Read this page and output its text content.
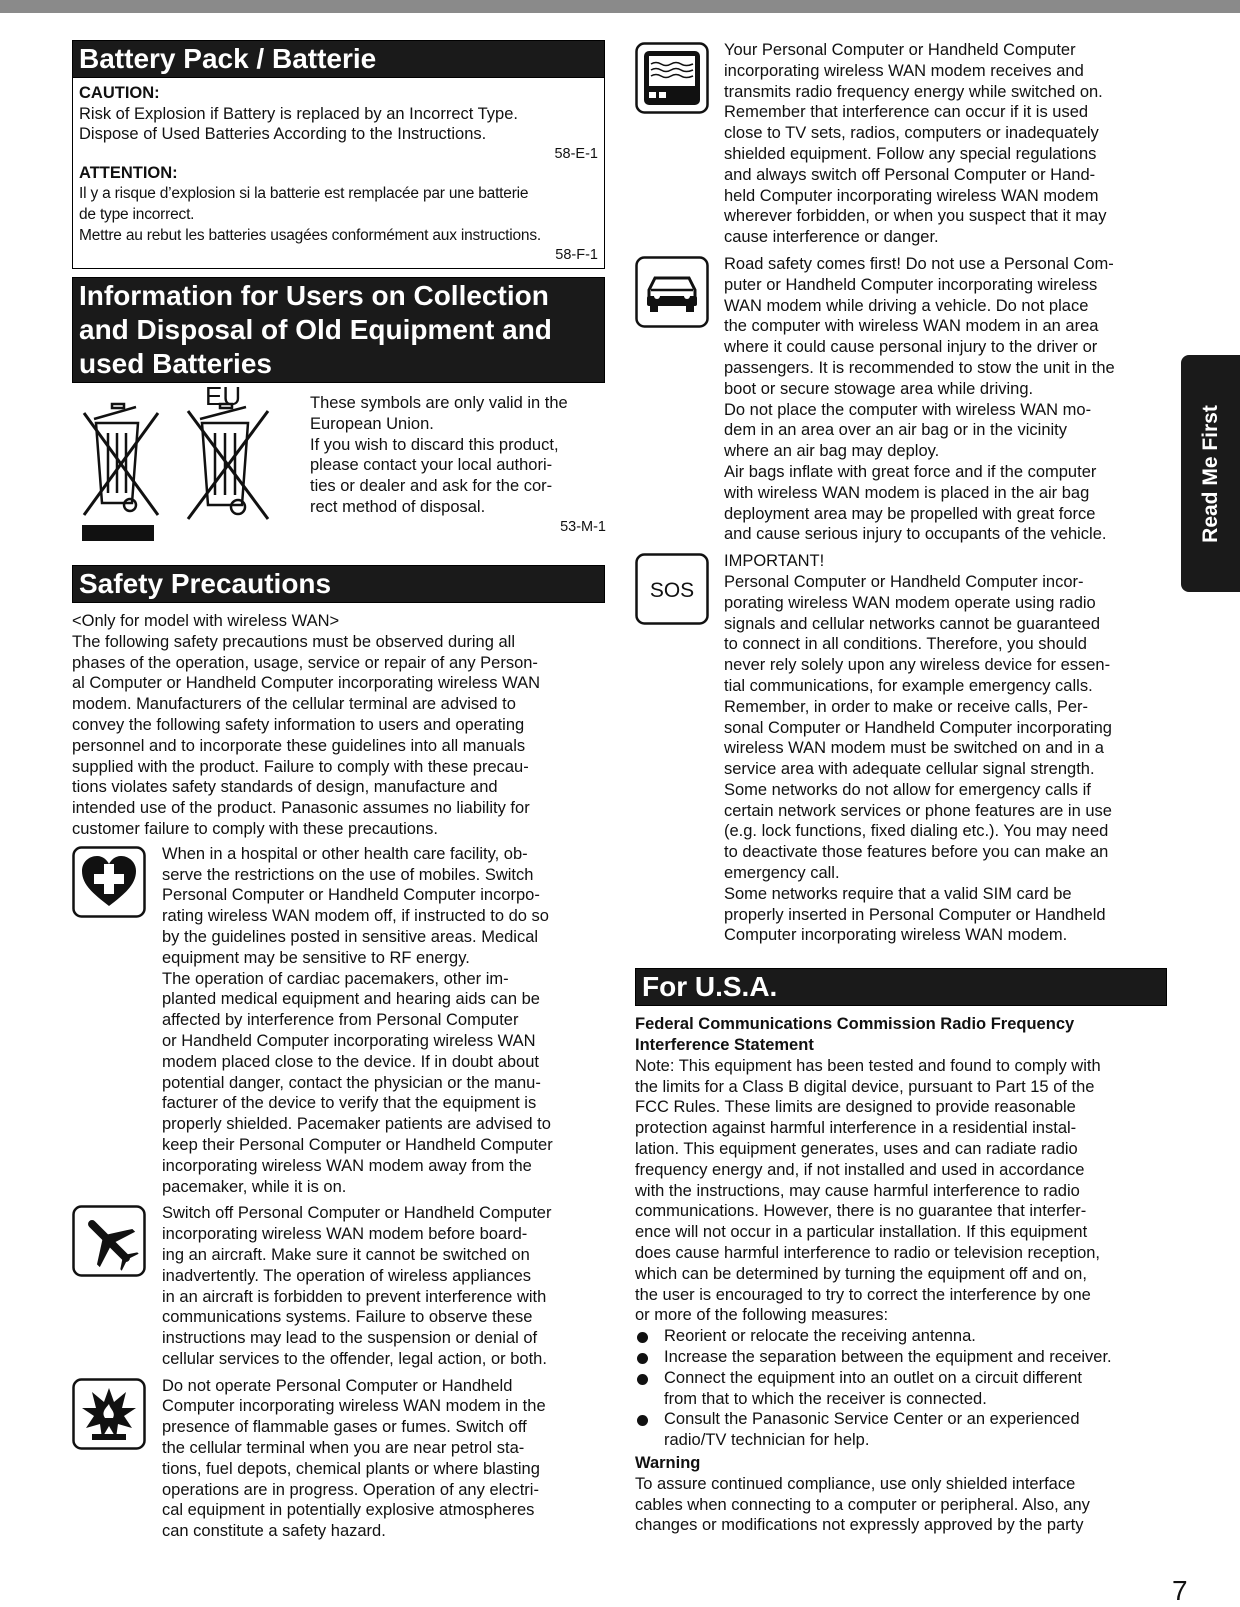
Battery Pack / Batterie

CAUTION:

Risk of Explosion if Battery is replaced by an Incorrect Type.

Dispose of Used Batteries According to the Instructions.

58-E-1

ATTENTION:

Il y a risque d’explosion si la batterie est remplacée par une batterie

de type incorrect.

Mettre au rebut les batteries usagées conformément aux instructions.

58-F-1

Information for Users on Collection
and Disposal of Old Equipment and
used Batteries
EU	These symbols are only valid in the

European Union.

If you wish to discard this product,

please contact your local authori-

ties or dealer and ask for the cor-

rect method of disposal.

53-M-1

Safety Precautions

<Only for model with wireless WAN>

The following safety precautions must be observed during all

phases of the operation, usage, service or repair of any Person-

al Computer or Handheld Computer incorporating wireless WAN

modem. Manufacturers of the cellular terminal are advised to

convey the following safety information to users and operating

personnel and to incorporate these guidelines into all manuals

supplied with the product. Failure to comply with these precau-

tions violates safety standards of design, manufacture and

intended use of the product. Panasonic assumes no liability for

customer failure to comply with these precautions.

When in a hospital or other health care facility, ob-

serve the restrictions on the use of mobiles. Switch

Personal Computer or Handheld Computer incorpo-

rating wireless WAN modem off, if instructed to do so

by the guidelines posted in sensitive areas. Medical

equipment may be sensitive to RF energy.

The operation of cardiac pacemakers, other im-

planted medical equipment and hearing aids can be

affected by interference from Personal Computer

or Handheld Computer incorporating wireless WAN

modem placed close to the device. If in doubt about

potential danger, contact the physician or the manu-

facturer of the device to verify that the equipment is

properly shielded. Pacemaker patients are advised to

keep their Personal Computer or Handheld Computer

incorporating wireless WAN modem away from the

pacemaker, while it is on.

Switch off Personal Computer or Handheld Computer

incorporating wireless WAN modem before board-

ing an aircraft. Make sure it cannot be switched on

inadvertently. The operation of wireless appliances

in an aircraft is forbidden to prevent interference with

communications systems. Failure to observe these

instructions may lead to the suspension or denial of

cellular services to the offender, legal action, or both.

Do not operate Personal Computer or Handheld

Computer incorporating wireless WAN modem in the

presence of flammable gases or fumes. Switch off

the cellular terminal when you are near petrol sta-

tions, fuel depots, chemical plants or where blasting

operations are in progress. Operation of any electri-

cal equipment in potentially explosive atmospheres

can constitute a safety hazard.

Your Personal Computer or Handheld Computer

incorporating wireless WAN modem receives and

transmits radio frequency energy while switched on.

Remember that interference can occur if it is used

close to TV sets, radios, computers or inadequately

shielded equipment. Follow any special regulations

and always switch off Personal Computer or Hand-

held Computer incorporating wireless WAN modem

wherever forbidden, or when you suspect that it may

cause interference or danger.

Road safety comes first! Do not use a Personal Com-

puter or Handheld Computer incorporating wireless

WAN modem while driving a vehicle. Do not place

the computer with wireless WAN modem in an area

where it could cause personal injury to the driver or

passengers. It is recommended to stow the unit in the

boot or secure stowage area while driving.

Do not place the computer with wireless WAN mo-

dem in an area over an air bag or in the vicinity

where an air bag may deploy.

Air bags inflate with great force and if the computer

with wireless WAN modem is placed in the air bag

deployment area may be propelled with great force

and cause serious injury to occupants of the vehicle.

SOS

IMPORTANT!

Personal Computer or Handheld Computer incor-

porating wireless WAN modem operate using radio

signals and cellular networks cannot be guaranteed

to connect in all conditions. Therefore, you should

never rely solely upon any wireless device for essen-

tial communications, for example emergency calls.

Remember, in order to make or receive calls, Per-

sonal Computer or Handheld Computer incorporating

wireless WAN modem must be switched on and in a

service area with adequate cellular signal strength.

Some networks do not allow for emergency calls if

certain network services or phone features are in use

(e.g. lock functions, fixed dialing etc.). You may need

to deactivate those features before you can make an

emergency call.

Some networks require that a valid SIM card be

properly inserted in Personal Computer or Handheld

Computer incorporating wireless WAN modem.

For U.S.A.

Federal Communications Commission Radio Frequency

Interference Statement

Note: This equipment has been tested and found to comply with

the limits for a Class B digital device, pursuant to Part 15 of the

FCC Rules. These limits are designed to provide reasonable

protection against harmful interference in a residential instal-

lation. This equipment generates, uses and can radiate radio

frequency energy and, if not installed and used in accordance

with the instructions, may cause harmful interference to radio

communications. However, there is no guarantee that interfer-

ence will not occur in a particular installation. If this equipment

does cause harmful interference to radio or television reception,

which can be determined by turning the equipment off and on,

the user is encouraged to try to correct the interference by one

or more of the following measures:

Reorient or relocate the receiving antenna.
Increase the separation between the equipment and receiver.
Connect the equipment into an outlet on a circuit different
from that to which the receiver is connected.
Consult the Panasonic Service Center or an experienced
radio/TV technician for help.

Warning

To assure continued compliance, use only shielded interface

cables when connecting to a computer or peripheral. Also, any

changes or modifications not expressly approved by the party

Read Me First
7
